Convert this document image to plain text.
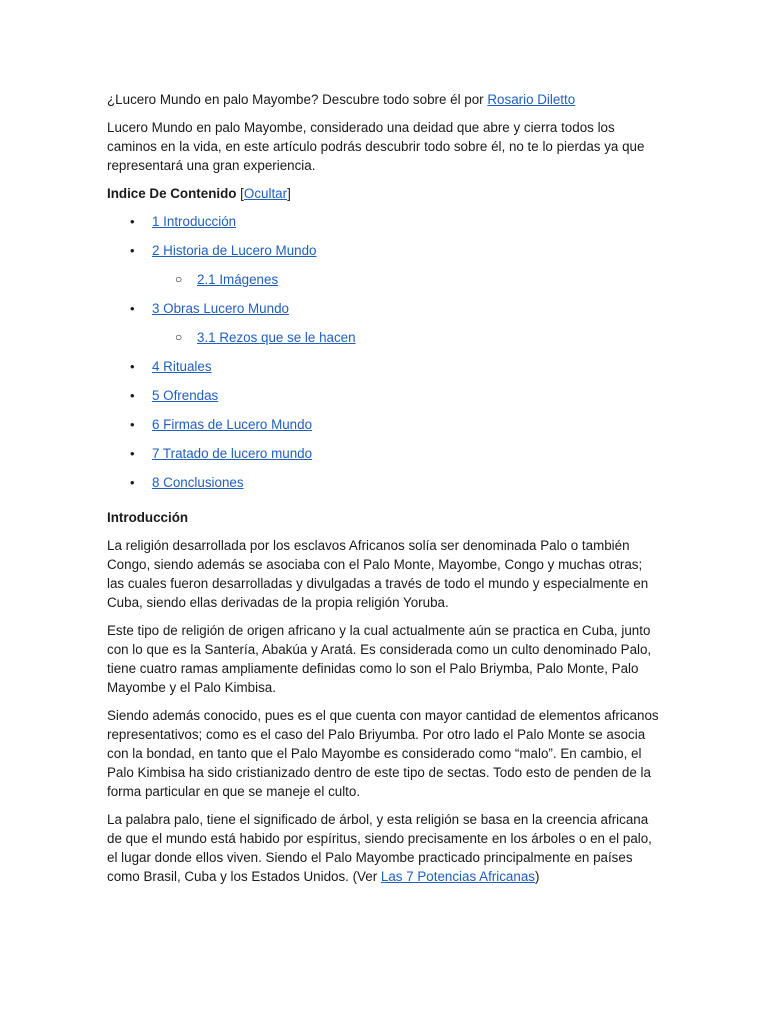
¿Lucero Mundo en palo Mayombe? Descubre todo sobre él por Rosario Diletto

Lucero Mundo en palo Mayombe, considerado una deidad que abre y cierra todos los caminos en la vida, en este artículo podrás descubrir todo sobre él, no te lo pierdas ya que representará una gran experiencia.

Indice De Contenido [Ocultar]

• 1 Introducción
• 2 Historia de Lucero Mundo
○ 2.1 Imágenes
• 3 Obras Lucero Mundo
○ 3.1 Rezos que se le hacen
• 4 Rituales
• 5 Ofrendas
• 6 Firmas de Lucero Mundo
• 7 Tratado de lucero mundo
• 8 Conclusiones

Introducción

La religión desarrollada por los esclavos Africanos solía ser denominada Palo o también Congo, siendo además se asociaba con el Palo Monte, Mayombe, Congo y muchas otras; las cuales fueron desarrolladas y divulgadas a través de todo el mundo y especialmente en Cuba, siendo ellas derivadas de la propia religión Yoruba.

Este tipo de religión de origen africano y la cual actualmente aún se practica en Cuba, junto con lo que es la Santería, Abakúa y Aratá. Es considerada como un culto denominado Palo, tiene cuatro ramas ampliamente definidas como lo son el Palo Briymba, Palo Monte, Palo Mayombe y el Palo Kimbisa.

Siendo además conocido, pues es el que cuenta con mayor cantidad de elementos africanos representativos; como es el caso del Palo Briyumba. Por otro lado el Palo Monte se asocia con la bondad, en tanto que el Palo Mayombe es considerado como “malo”. En cambio, el Palo Kimbisa ha sido cristianizado dentro de este tipo de sectas. Todo esto de penden de la forma particular en que se maneje el culto.

La palabra palo, tiene el significado de árbol, y esta religión se basa en la creencia africana de que el mundo está habido por espíritus, siendo precisamente en los árboles o en el palo, el lugar donde ellos viven. Siendo el Palo Mayombe practicado principalmente en países como Brasil, Cuba y los Estados Unidos. (Ver Las 7 Potencias Africanas)
